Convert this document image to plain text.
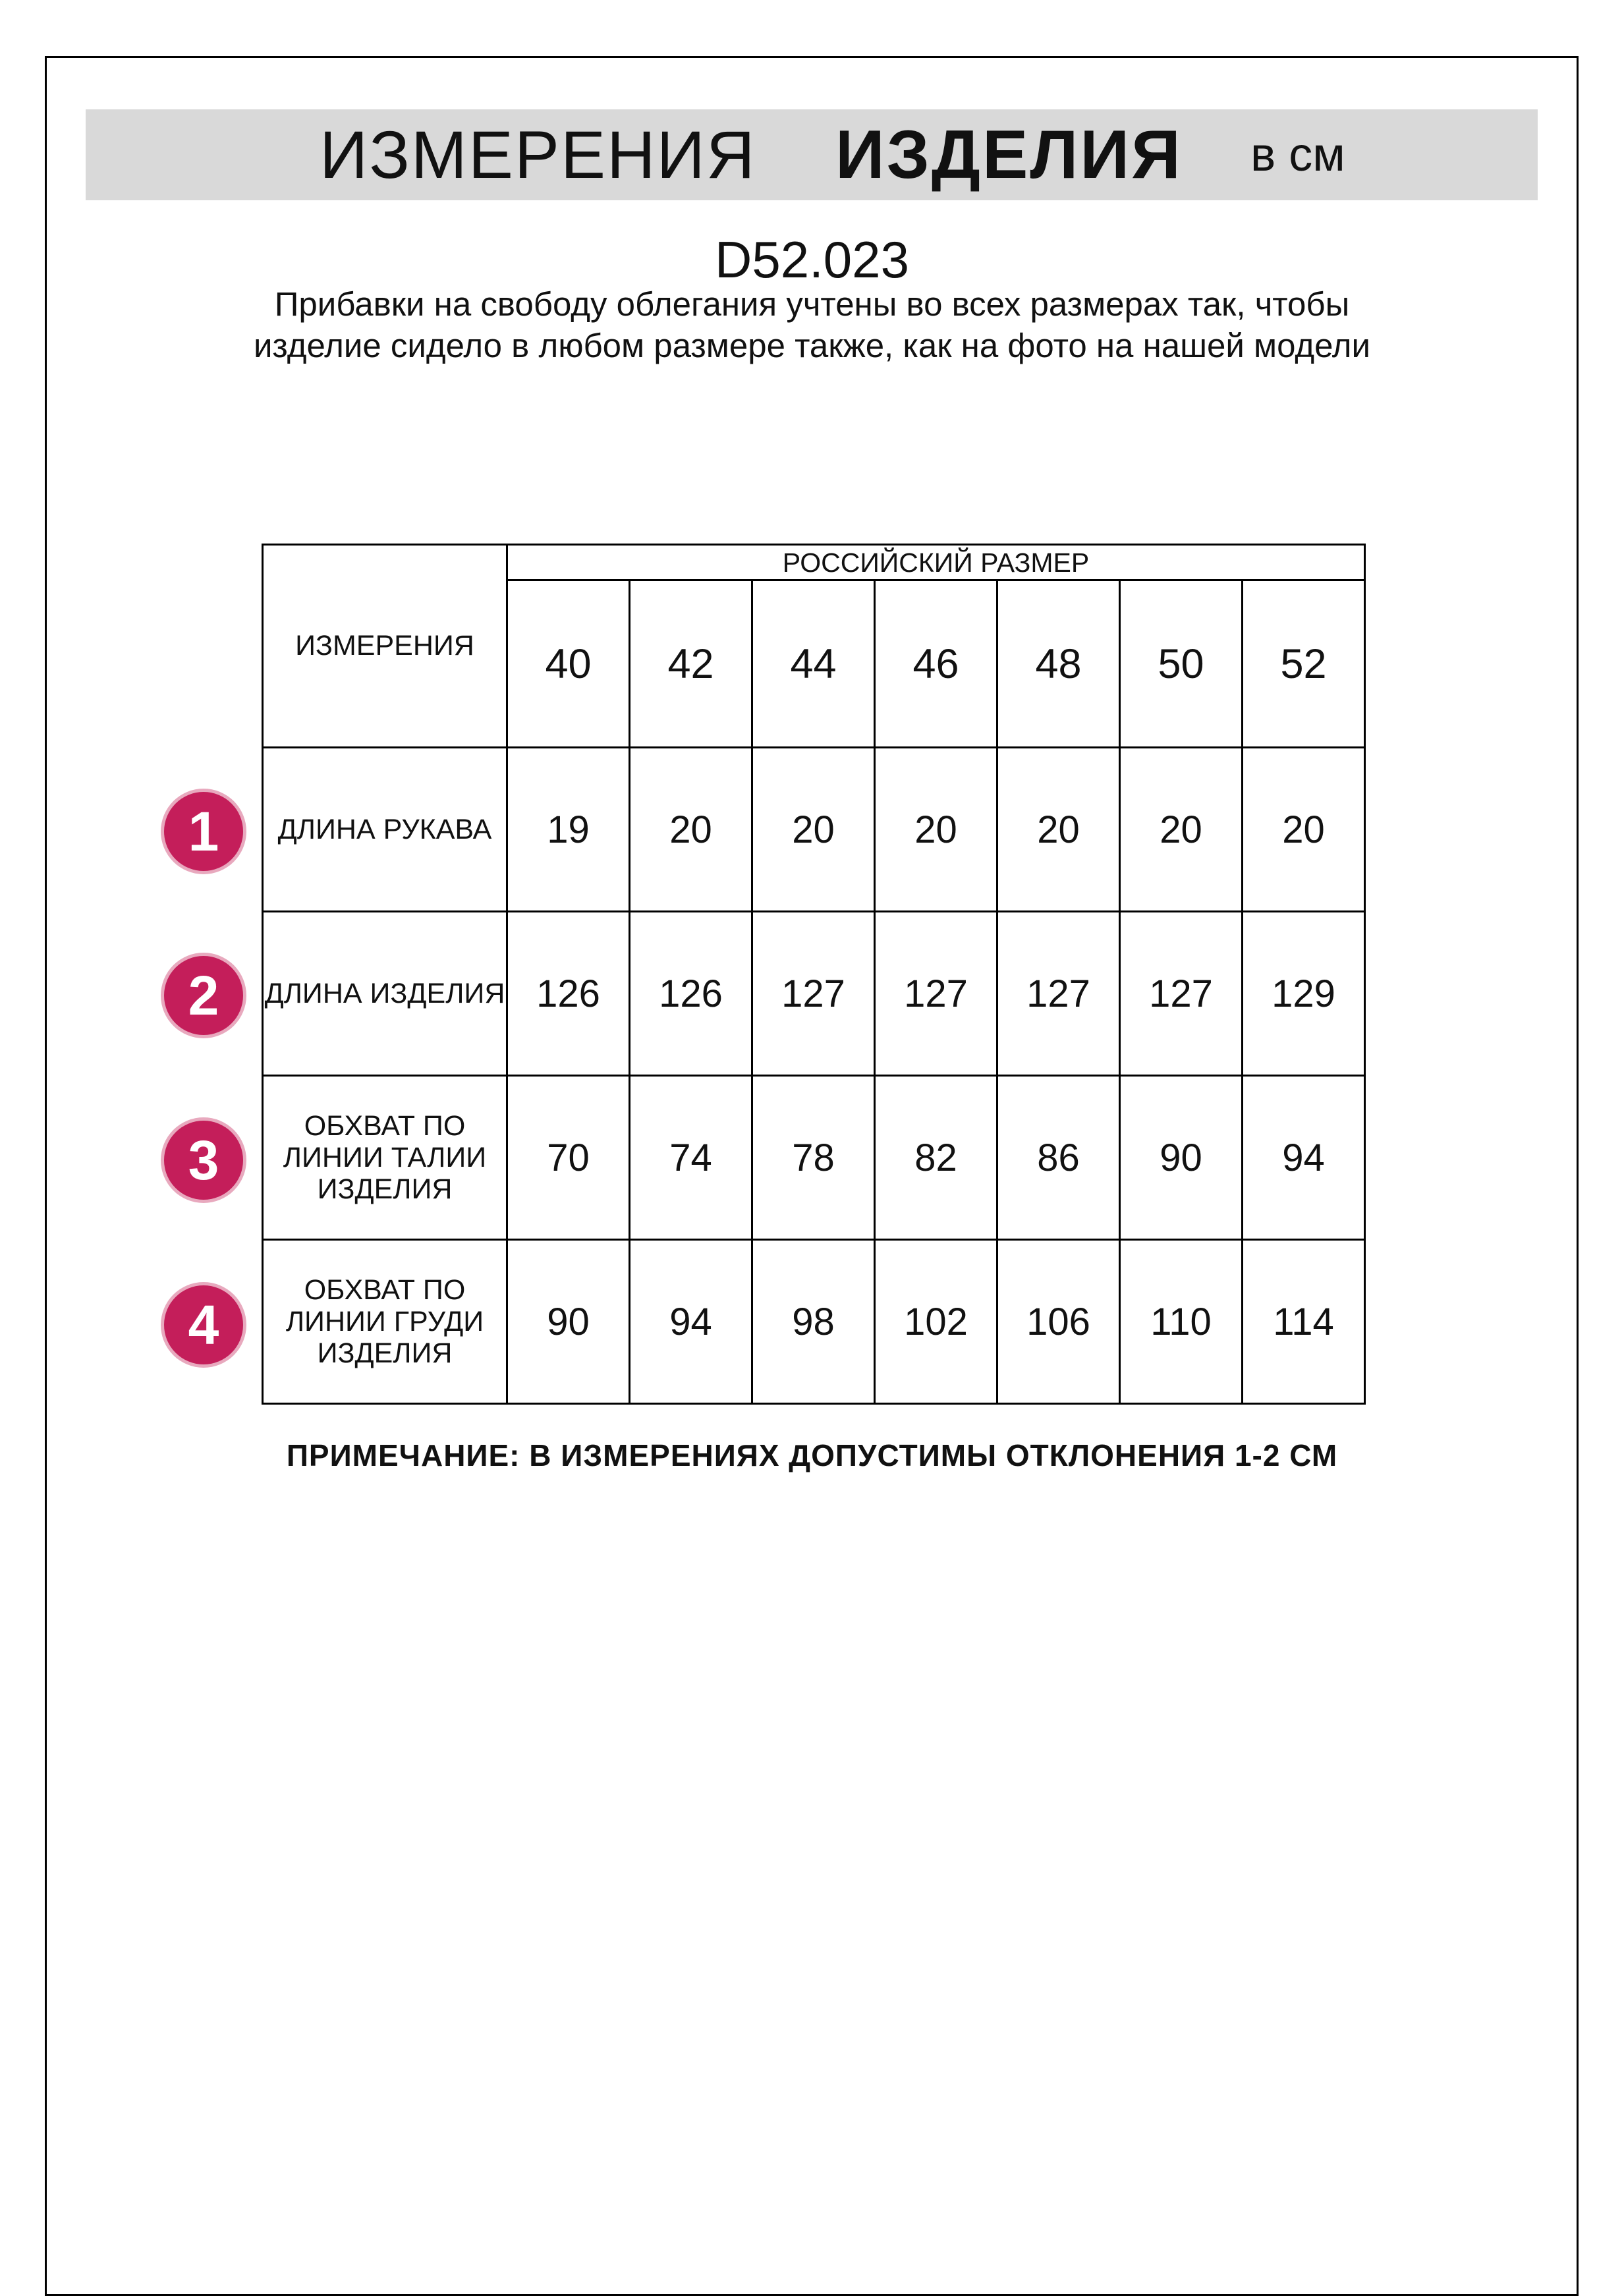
ИЗМЕРЕНИЯ ИЗДЕЛИЯ в см
D52.023
Прибавки на свободу облегания учтены во всех размерах так, чтобы изделие сидело в любом размере также, как на фото на нашей модели
ИЗМЕРЕНИЯ	РОССИЙСКИЙ РАЗМЕР						
	40	42	44	46	48	50	52
ДЛИНА РУКАВА	19	20	20	20	20	20	20
ДЛИНА ИЗДЕЛИЯ	126	126	127	127	127	127	129
ОБХВАТ ПО ЛИНИИ ТАЛИИ ИЗДЕЛИЯ	70	74	78	82	86	90	94
ОБХВАТ ПО ЛИНИИ ГРУДИ ИЗДЕЛИЯ	90	94	98	102	106	110	114
1
2
3
4
ПРИМЕЧАНИЕ: В ИЗМЕРЕНИЯХ ДОПУСТИМЫ ОТКЛОНЕНИЯ 1-2 СМ
